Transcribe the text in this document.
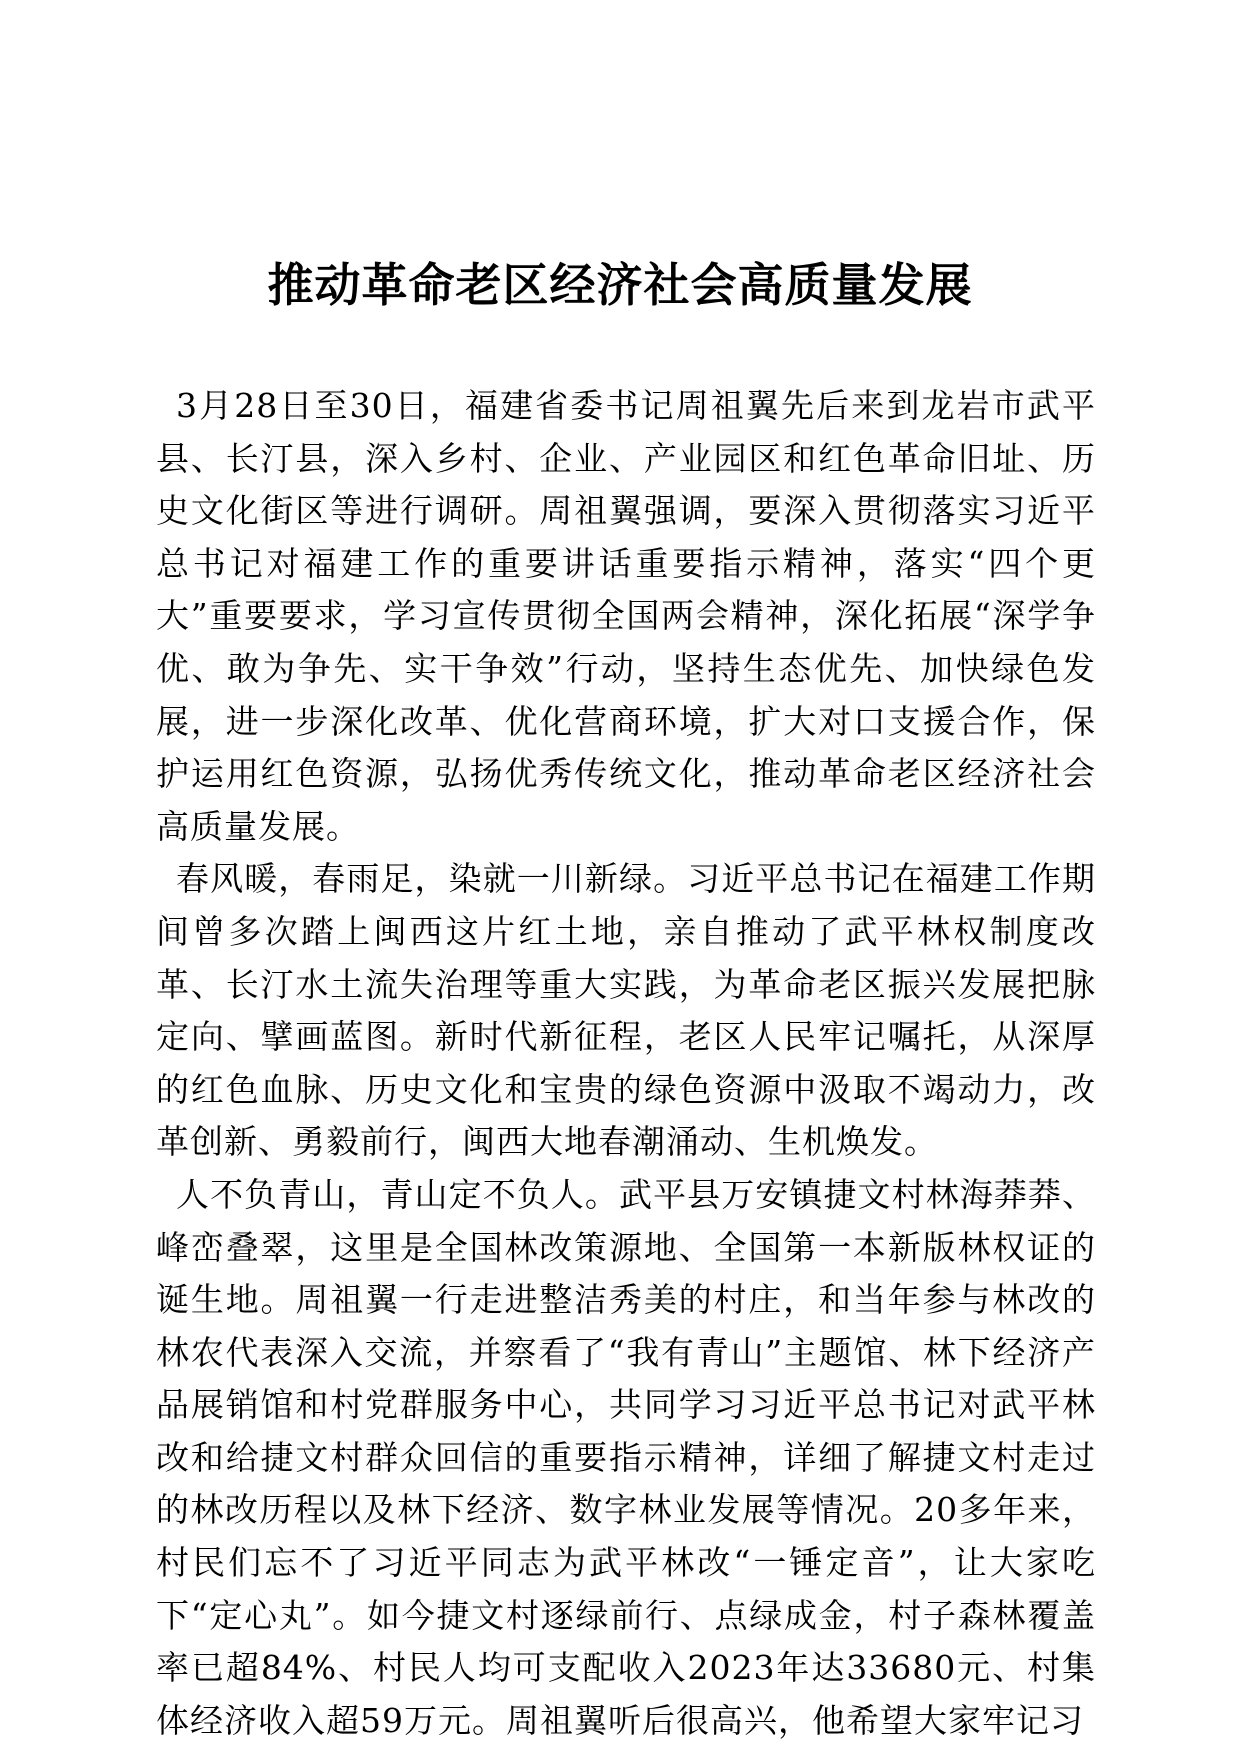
推动革命老区经济社会高质量发展

3月28日至30日，福建省委书记周祖翼先后来到龙岩市武平县、长汀县，深入乡村、企业、产业园区和红色革命旧址、历史文化街区等进行调研。周祖翼强调，要深入贯彻落实习近平总书记对福建工作的重要讲话重要指示精神，落实“四个更大”重要要求，学习宣传贯彻全国两会精神，深化拓展“深学争优、敢为争先、实干争效”行动，坚持生态优先、加快绿色发展，进一步深化改革、优化营商环境，扩大对口支援合作，保护运用红色资源，弘扬优秀传统文化，推动革命老区经济社会高质量发展。

春风暖，春雨足，染就一川新绿。习近平总书记在福建工作期间曾多次踏上闽西这片红土地，亲自推动了武平林权制度改革、长汀水土流失治理等重大实践，为革命老区振兴发展把脉定向、擘画蓝图。新时代新征程，老区人民牢记嘱托，从深厚的红色血脉、历史文化和宝贵的绿色资源中汲取不竭动力，改革创新、勇毅前行，闽西大地春潮涌动、生机焕发。

人不负青山，青山定不负人。武平县万安镇捷文村林海莽莽、峰峦叠翠，这里是全国林改策源地、全国第一本新版林权证的诞生地。周祖翼一行走进整洁秀美的村庄，和当年参与林改的林农代表深入交流，并察看了“我有青山”主题馆、林下经济产品展销馆和村党群服务中心，共同学习习近平总书记对武平林改和给捷文村群众回信的重要指示精神，详细了解捷文村走过的林改历程以及林下经济、数字林业发展等情况。20多年来，村民们忘不了习近平同志为武平林改“一锤定音”，让大家吃下“定心丸”。如今捷文村逐绿前行、点绿成金，村子森林覆盖率已超84%、村民人均可支配收入2023年达33680元、村集体经济收入超59万元。周祖翼听后很高兴，他希望大家牢记习
